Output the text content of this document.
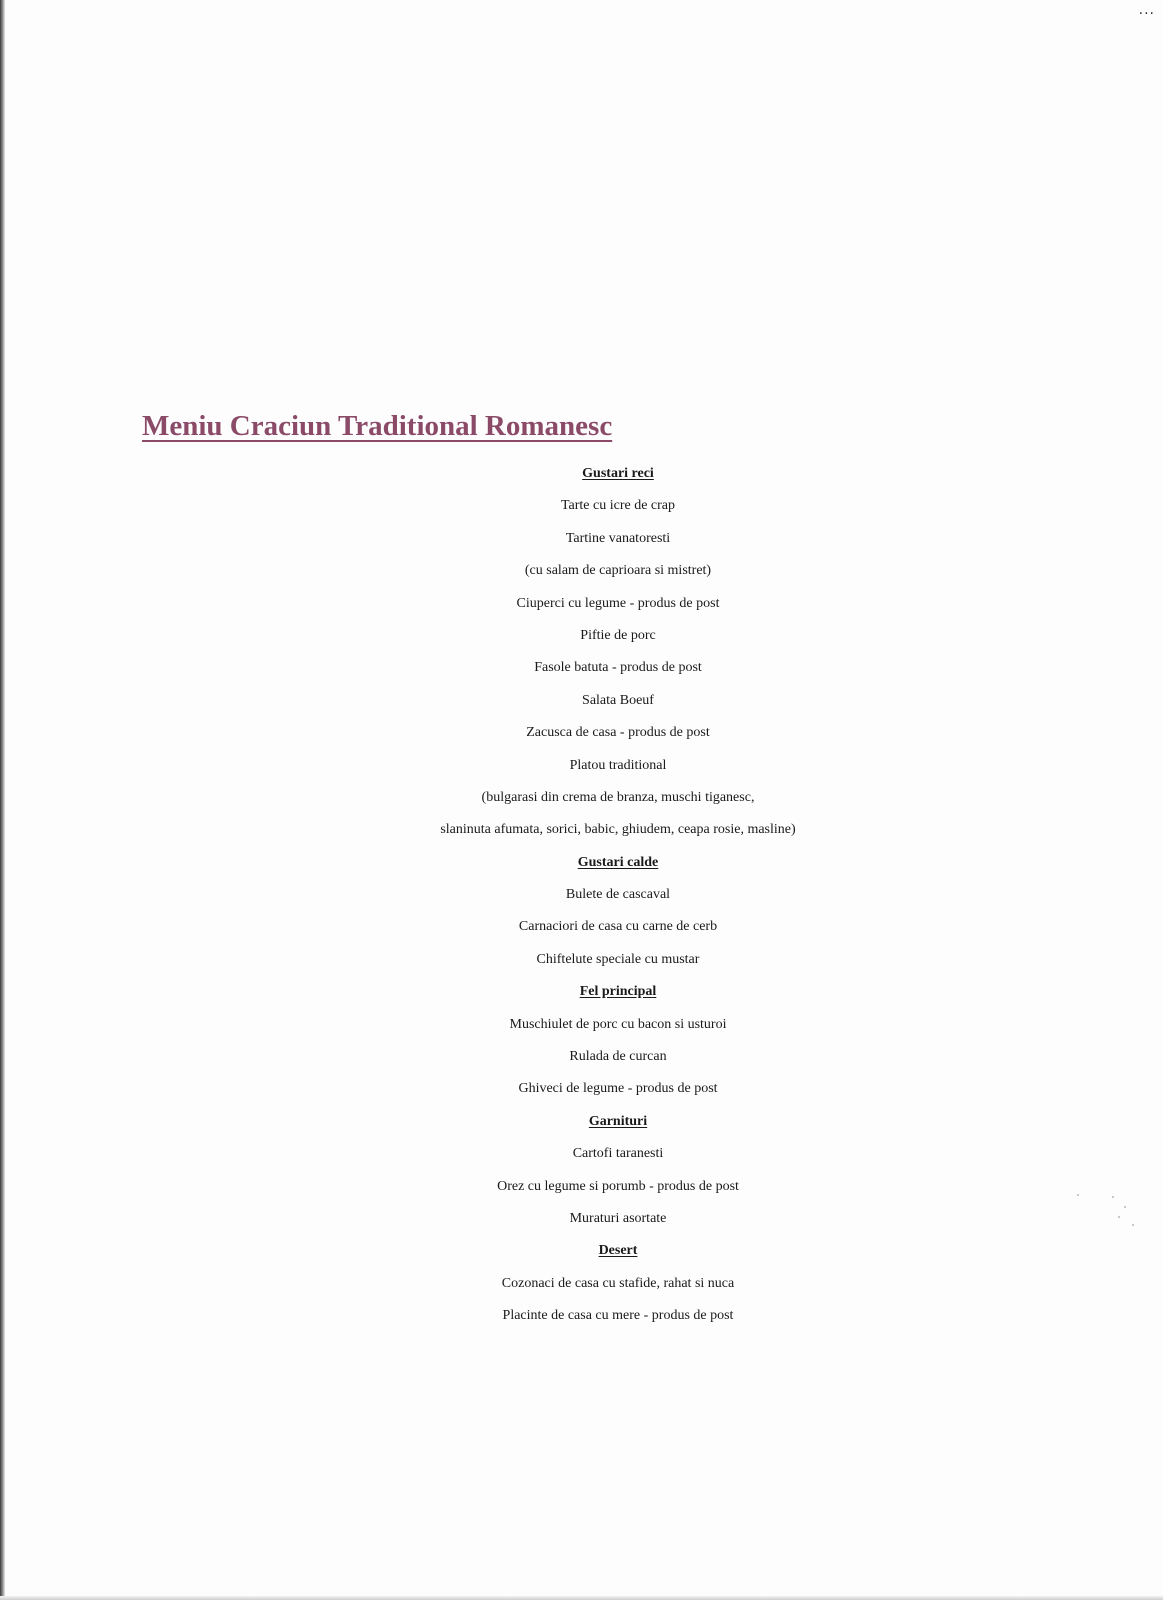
...
Meniu Craciun Traditional Romanesc
Gustari reci
Tarte cu icre de crap
Tartine vanatoresti
(cu salam de caprioara si mistret)
Ciuperci cu legume - produs de post
Piftie de porc
Fasole batuta - produs de post
Salata Boeuf
Zacusca de casa - produs de post
Platou traditional
(bulgarasi din crema de branza, muschi tiganesc,
slaninuta afumata, sorici, babic, ghiudem, ceapa rosie, masline)
Gustari calde
Bulete de cascaval
Carnaciori de casa cu carne de cerb
Chiftelute speciale cu mustar
Fel principal
Muschiulet de porc cu bacon si usturoi
Rulada de curcan
Ghiveci de legume - produs de post
Garnituri
Cartofi taranesti
Orez cu legume si porumb - produs de post
Muraturi asortate
Desert
Cozonaci de casa cu stafide, rahat si nuca
Placinte de casa cu mere - produs de post
